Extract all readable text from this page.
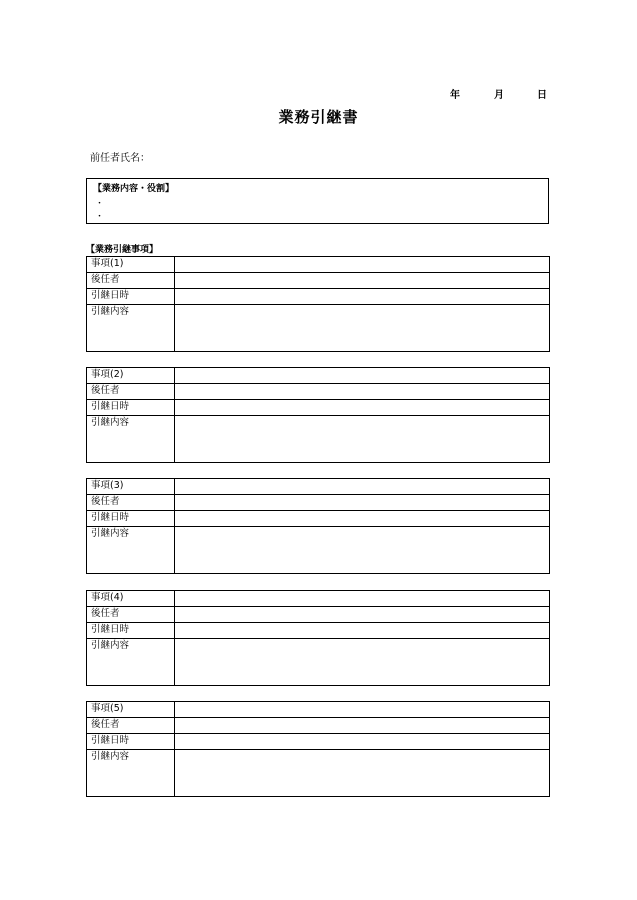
年	月	日
業務引継書
前任者氏名：
【業務内容・役割】
・
・
【業務引継事項】
事項(1)	
後任者	
引継日時	
引継内容	
事項(2)	
後任者	
引継日時	
引継内容	
事項(3)	
後任者	
引継日時	
引継内容	
事項(4)	
後任者	
引継日時	
引継内容	
事項(5)	
後任者	
引継日時	
引継内容	
